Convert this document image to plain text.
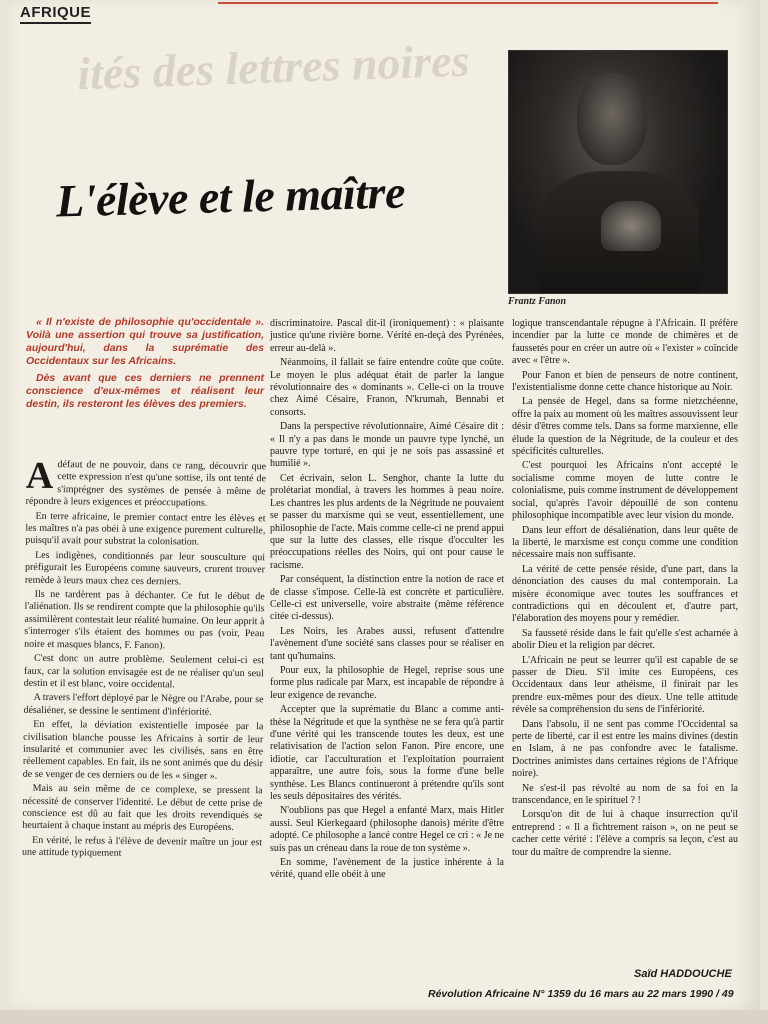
AFRIQUE
ités des lettres noires
L'élève et le maître
Frantz Fanon

« Il n'existe de philosophie qu'occidentale ». Voilà une assertion qui trouve sa justification, aujourd'hui, dans la suprématie des Occidentaux sur les Africains.

Dès avant que ces derniers ne prennent conscience d'eux-mêmes et réalisent leur destin, ils resteront les élèves des premiers.

Adéfaut de ne pouvoir, dans ce rang, découvrir que cette expression n'est qu'une sottise, ils ont tenté de s'imprégner des systèmes de pensée à même de répondre à leurs exigences et préoccupations.

En terre africaine, le premier contact entre les élèves et les maîtres n'a pas obéi à une exigence purement culturelle, puisqu'il avait pour substrat la colonisation.

Les indigènes, conditionnés par leur sousculture qui préfigurait les Européens comme sauveurs, crurent trouver remède à leurs maux chez ces derniers.

Ils ne tardèrent pas à déchanter. Ce fut le début de l'aliénation. Ils se rendirent compte que la philosophie qu'ils assimilèrent contestait leur réalité humaine. On leur apprit à s'interroger s'ils étaient des hommes ou pas (voir, Peau noire et masques blancs, F. Fanon).

C'est donc un autre problème. Seulement celui-ci est faux, car la solution envisagée est de ne réaliser qu'un seul destin et il est blanc, voire occidental.

A travers l'effort déployé par le Nègre ou l'Arabe, pour se désaliéner, se dessine le sentiment d'infériorité.

En effet, la déviation existentielle imposée par la civilisation blanche pousse les Africains à sortir de leur insularité et communier avec les civilisés, sans en être réellement capables. En fait, ils ne sont animés que du désir de se venger de ces derniers ou de les « singer ».

Mais au sein même de ce complexe, se pressent la nécessité de conserver l'identité. Le début de cette prise de conscience est dû au fait que les droits revendiqués se heurtaient à chaque instant au mépris des Européens.

En vérité, le refus à l'élève de devenir maître un jour est une attitude typiquement

discriminatoire. Pascal dit-il (ironiquement) : « plaisante justice qu'une rivière borne. Vérité en-deçà des Pyrénées, erreur au-delà ».

Néanmoins, il fallait se faire entendre coûte que coûte. Le moyen le plus adéquat était de parler la langue révolutionnaire des « dominants ». Celle-ci on la trouve chez Aimé Césaire, Franon, N'krumah, Bennabi et consorts.

Dans la perspective révolutionnaire, Aimé Césaire dit : « Il n'y a pas dans le monde un pauvre type lynché, un pauvre type torturé, en qui je ne sois pas assassiné et humilié ».

Cet écrivain, selon L. Senghor, chante la lutte du prolétariat mondial, à travers les hommes à peau noire. Les chantres les plus ardents de la Négritude ne pouvaient se passer du marxisme qui se veut, essentiellement, une philosophie de l'acte. Mais comme celle-ci ne prend appui que sur la lutte des classes, elle risque d'occulter les préoccupations réelles des Noirs, qui ont pour cause le racisme.

Par conséquent, la distinction entre la notion de race et de classe s'impose. Celle-là est concrète et particulière. Celle-ci est universelle, voire abstraite (même référence citée ci-dessus).

Les Noirs, les Arabes aussi, refusent d'attendre l'avènement d'une société sans classes pour se réaliser en tant qu'humains.

Pour eux, la philosophie de Hegel, reprise sous une forme plus radicale par Marx, est incapable de répondre à leur exigence de revanche.

Accepter que la suprématie du Blanc a comme anti-thèse la Négritude et que la synthèse ne se fera qu'à partir d'une vérité qui les transcende toutes les deux, est une relativisation de l'action selon Fanon. Pire encore, une idiotie, car l'acculturation et l'exploitation pourraient apparaître, une autre fois, sous la forme d'une belle synthèse. Les Blancs continueront à prétendre qu'ils sont les seuls dépositaires des vérités.

N'oublions pas que Hegel a enfanté Marx, mais Hitler aussi. Seul Kierkegaard (philosophe danois) mérite d'être adopté. Ce philosophe a lancé contre Hegel ce cri : « Je ne suis pas un créneau dans la roue de ton système ».

En somme, l'avènement de la justice inhérente à la vérité, quand elle obéit à une

logique transcendantale répugne à l'Africain. Il préfère incendier par la lutte ce monde de chimères et de faussetés pour en créer un autre où « l'exister » coïncide avec « l'être ».

Pour Fanon et bien de penseurs de notre continent, l'existentialisme donne cette chance historique au Noir.

La pensée de Hegel, dans sa forme nietzchéenne, offre la paix au moment où les maîtres assouvissent leur désir d'êtres comme tels. Dans sa forme marxienne, elle élude la question de la Négritude, de la couleur et des spécificités culturelles.

C'est pourquoi les Africains n'ont accepté le socialisme comme moyen de lutte contre le colonialisme, puis comme instrument de développement social, qu'après l'avoir dépouillé de son contenu philosophique incompatible avec leur vision du monde.

Dans leur effort de désaliénation, dans leur quête de la liberté, le marxisme est conçu comme une condition nécessaire mais non suffisante.

La vérité de cette pensée réside, d'une part, dans la dénonciation des causes du mal contemporain. La misère économique avec toutes les souffrances et contradictions qui en découlent et, d'autre part, l'élaboration des moyens pour y remédier.

Sa fausseté réside dans le fait qu'elle s'est acharnée à abolir Dieu et la religion par décret.

L'Africain ne peut se leurrer qu'il est capable de se passer de Dieu. S'il imite ces Européens, ces Occidentaux dans leur athéisme, il finirait par les prendre eux-mêmes pour des dieux. Une telle attitude révèle sa compréhension du sens de l'infériorité.

Dans l'absolu, il ne sent pas comme l'Occidental sa perte de liberté, car il est entre les mains divines (destin en Islam, à ne pas confondre avec le fatalisme. Doctrines animistes dans certaines régions de l'Afrique noire).

Ne s'est-il pas révolté au nom de sa foi en la transcendance, en le spirituel ? !

Lorsqu'on dit de lui à chaque insurrection qu'il entreprend : « Il a fichtrement raison », on ne peut se cacher cette vérité : l'élève a compris sa leçon, c'est au tour du maître de comprendre la sienne.

Saïd HADDOUCHE
Révolution Africaine N° 1359 du 16 mars au 22 mars 1990 / 49
